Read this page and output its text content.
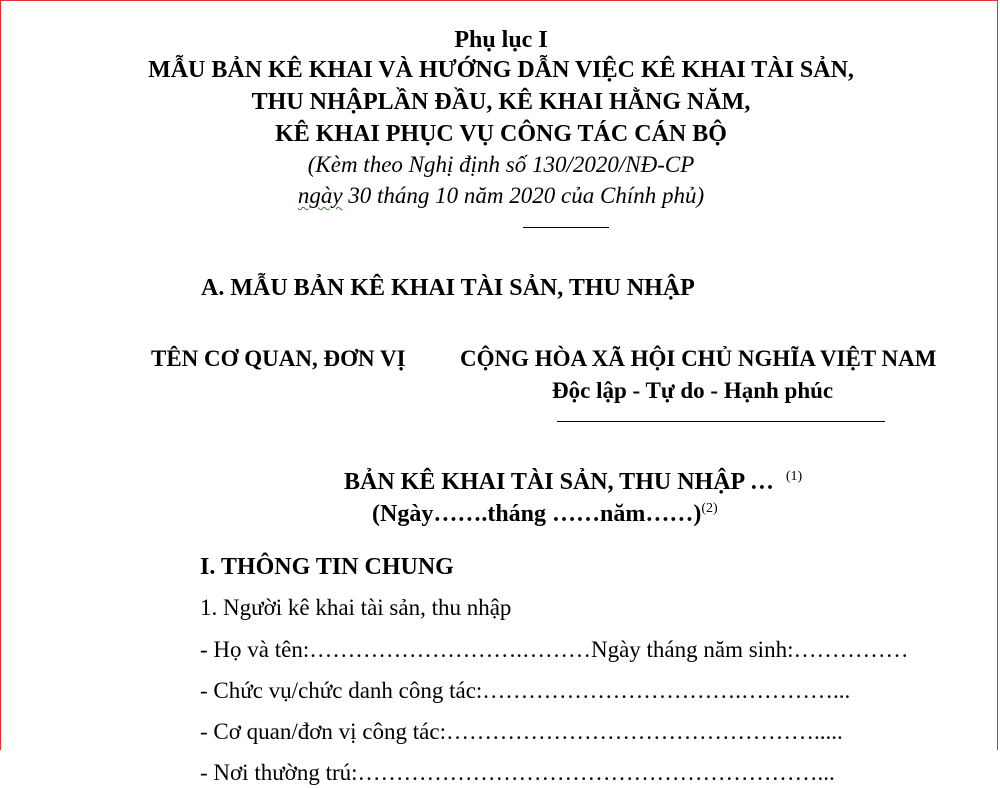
Phụ lục I
MẪU BẢN KÊ KHAI VÀ HƯỚNG DẪN VIỆC KÊ KHAI TÀI SẢN,
THU NHẬPLẦN ĐẦU, KÊ KHAI HẰNG NĂM,
KÊ KHAI PHỤC VỤ CÔNG TÁC CÁN BỘ
(Kèm theo Nghị định số 130/2020/NĐ-CP
ngày 30 tháng 10 năm 2020 của Chính phủ)
A. MẪU BẢN KÊ KHAI TÀI SẢN, THU NHẬP
TÊN CƠ QUAN, ĐƠN VỊ CỘNG HÒA XÃ HỘI CHỦ NGHĨA VIỆT NAM
Độc lập - Tự do - Hạnh phúc
BẢN KÊ KHAI TÀI SẢN, THU NHẬP … $^{(1)}$
(Ngày…….tháng ……năm……)$^{(2)}$
I. THÔNG TIN CHUNG
1. Người kê khai tài sản, thu nhập
- Họ và tên:……………………….………Ngày tháng năm sinh:……………
- Chức vụ/chức danh công tác:…………………………….…………...
- Cơ quan/đơn vị công tác:………………………………………….....
- Nơi thường trú:……………………………………………………...
